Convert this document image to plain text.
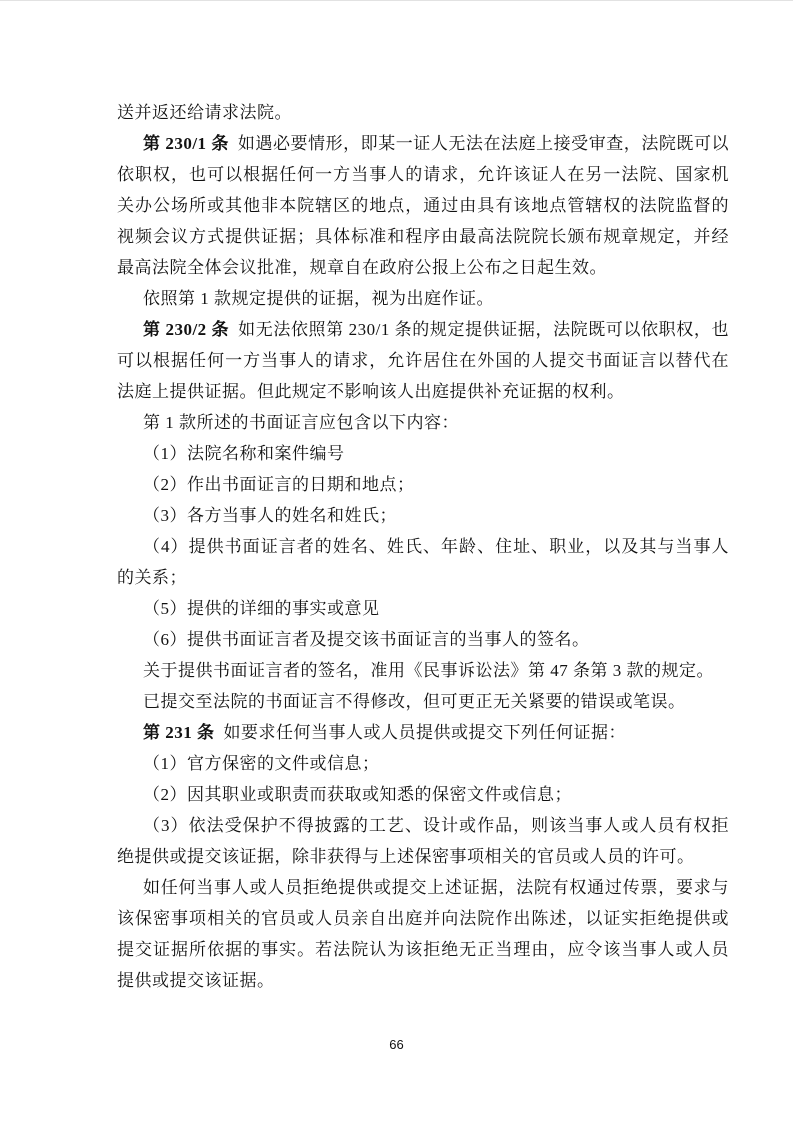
送并返还给请求法院。

第 230/1 条 如遇必要情形，即某一证人无法在法庭上接受审查，法院既可以依职权，也可以根据任何一方当事人的请求，允许该证人在另一法院、国家机关办公场所或其他非本院辖区的地点，通过由具有该地点管辖权的法院监督的视频会议方式提供证据；具体标准和程序由最高法院院长颁布规章规定，并经最高法院全体会议批准，规章自在政府公报上公布之日起生效。

依照第 1 款规定提供的证据，视为出庭作证。

第 230/2 条 如无法依照第 230/1 条的规定提供证据，法院既可以依职权，也可以根据任何一方当事人的请求，允许居住在外国的人提交书面证言以替代在法庭上提供证据。但此规定不影响该人出庭提供补充证据的权利。

第 1 款所述的书面证言应包含以下内容：

（1）法院名称和案件编号

（2）作出书面证言的日期和地点；

（3）各方当事人的姓名和姓氏；

（4）提供书面证言者的姓名、姓氏、年龄、住址、职业，以及其与当事人的关系；

（5）提供的详细的事实或意见

（6）提供书面证言者及提交该书面证言的当事人的签名。

关于提供书面证言者的签名，准用《民事诉讼法》第 47 条第 3 款的规定。

已提交至法院的书面证言不得修改，但可更正无关紧要的错误或笔误。

第 231 条 如要求任何当事人或人员提供或提交下列任何证据：

（1）官方保密的文件或信息；

（2）因其职业或职责而获取或知悉的保密文件或信息；

（3）依法受保护不得披露的工艺、设计或作品，则该当事人或人员有权拒绝提供或提交该证据，除非获得与上述保密事项相关的官员或人员的许可。

如任何当事人或人员拒绝提供或提交上述证据，法院有权通过传票，要求与该保密事项相关的官员或人员亲自出庭并向法院作出陈述，以证实拒绝提供或提交证据所依据的事实。若法院认为该拒绝无正当理由，应令该当事人或人员提供或提交该证据。

66
